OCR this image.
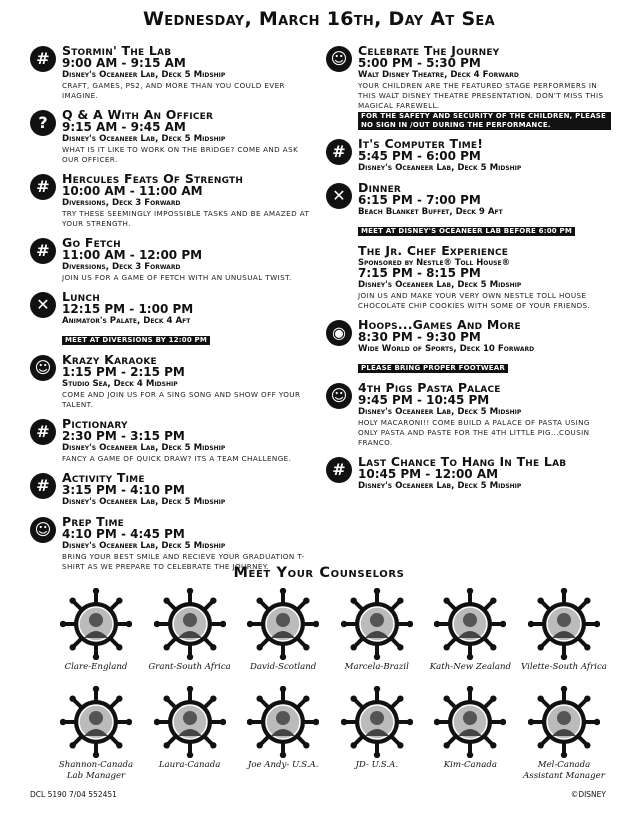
Wednesday, March 16th, Day At Sea
# Stormin' The Lab
9:00 AM - 9:15 AM
Disney's Oceaneer Lab, Deck 5 Midship
CRAFT, GAMES, PS2, AND MORE THAN YOU COULD EVER IMAGINE.
?	Q & A With An Officer
9:15 AM - 9:45 AM
Disney's Oceaneer Lab, Deck 5 Midship
WHAT IS IT LIKE TO WORK ON THE BRIDGE? COME AND ASK OUR OFFICER.
# Hercules Feats Of Strength
10:00 AM - 11:00 AM
Diversions, Deck 3 Forward
TRY THESE SEEMINGLY IMPOSSIBLE TASKS AND BE AMAZED AT YOUR STRENGTH.
# Go Fetch
11:00 AM - 12:00 PM
Diversions, Deck 3 Forward
JOIN US FOR A GAME OF FETCH WITH AN UNUSUAL TWIST.
✕ Lunch
12:15 PM - 1:00 PM
Animator's Palate, Deck 4 Aft
MEET AT DIVERSIONS BY 12:00 PM
☺ Krazy Karaoke
1:15 PM - 2:15 PM
Studio Sea, Deck 4 Midship
COME AND JOIN US FOR A SING SONG AND SHOW OFF YOUR TALENT.
# Pictionary
2:30 PM - 3:15 PM
Disney's Oceaneer Lab, Deck 5 Midship
FANCY A GAME OF QUICK DRAW? ITS A TEAM CHALLENGE.
# Activity Time
3:15 PM - 4:10 PM
Disney's Oceaneer Lab, Deck 5 Midship
☺ Prep Time
4:10 PM - 4:45 PM
Disney's Oceaneer Lab, Deck 5 Midship
BRING YOUR BEST SMILE AND RECIEVE YOUR GRADUATION T-SHIRT AS WE PREPARE TO CELEBRATE THE JOURNEY.
☺ Celebrate The Journey
5:00 PM - 5:30 PM
Walt Disney Theatre, Deck 4 Forward
YOUR CHILDREN ARE THE FEATURED STAGE PERFORMERS IN THIS WALT DISNEY THEATRE PRESENTATION. DON'T MISS THIS MAGICAL FAREWELL.
FOR THE SAFETY AND SECURITY OF THE CHILDREN, PLEASE NO SIGN IN /OUT DURING THE PERFORMANCE.
# It's Computer Time!
5:45 PM - 6:00 PM
Disney's Oceaneer Lab, Deck 5 Midship
✕ Dinner
6:15 PM - 7:00 PM
Beach Blanket Buffet, Deck 9 Aft
MEET AT DISNEY'S OCEANEER LAB BEFORE 6:00 PM
The Jr. Chef Experience
Sponsored by Nestle® Toll House®
7:15 PM - 8:15 PM
Disney's Oceaneer Lab, Deck 5 Midship
JOIN US AND MAKE YOUR VERY OWN NESTLE TOLL HOUSE CHOCOLATE CHIP COOKIES WITH SOME OF YOUR FRIENDS.
◉ Hoops...Games And More
8:30 PM - 9:30 PM
Wide World of Sports, Deck 10 Forward
PLEASE BRING PROPER FOOTWEAR
☺ 4th Pigs Pasta Palace
9:45 PM - 10:45 PM
Disney's Oceaneer Lab, Deck 5 Midship
HOLY MACARONI!! COME BUILD A PALACE OF PASTA USING ONLY PASTA AND PASTE FOR THE 4TH LITTLE PIG...COUSIN FRANCO.
# Last Chance To Hang In The Lab
10:45 PM - 12:00 AM
Disney's Oceaneer Lab, Deck 5 Midship
Meet Your Counselors
Clare-England	Grant-South Africa	David-Scotland	Marcela-Brazil	Kath-New Zealand	Vilette-South Africa
Shannon-Canada
Lab Manager
Laura-Canada	Joe Andy- U.S.A.	JD- U.S.A.	Kim-Canada	Mel-Canada
Assistant Manager
DCL 5190 7/04 552451	©DISNEY
